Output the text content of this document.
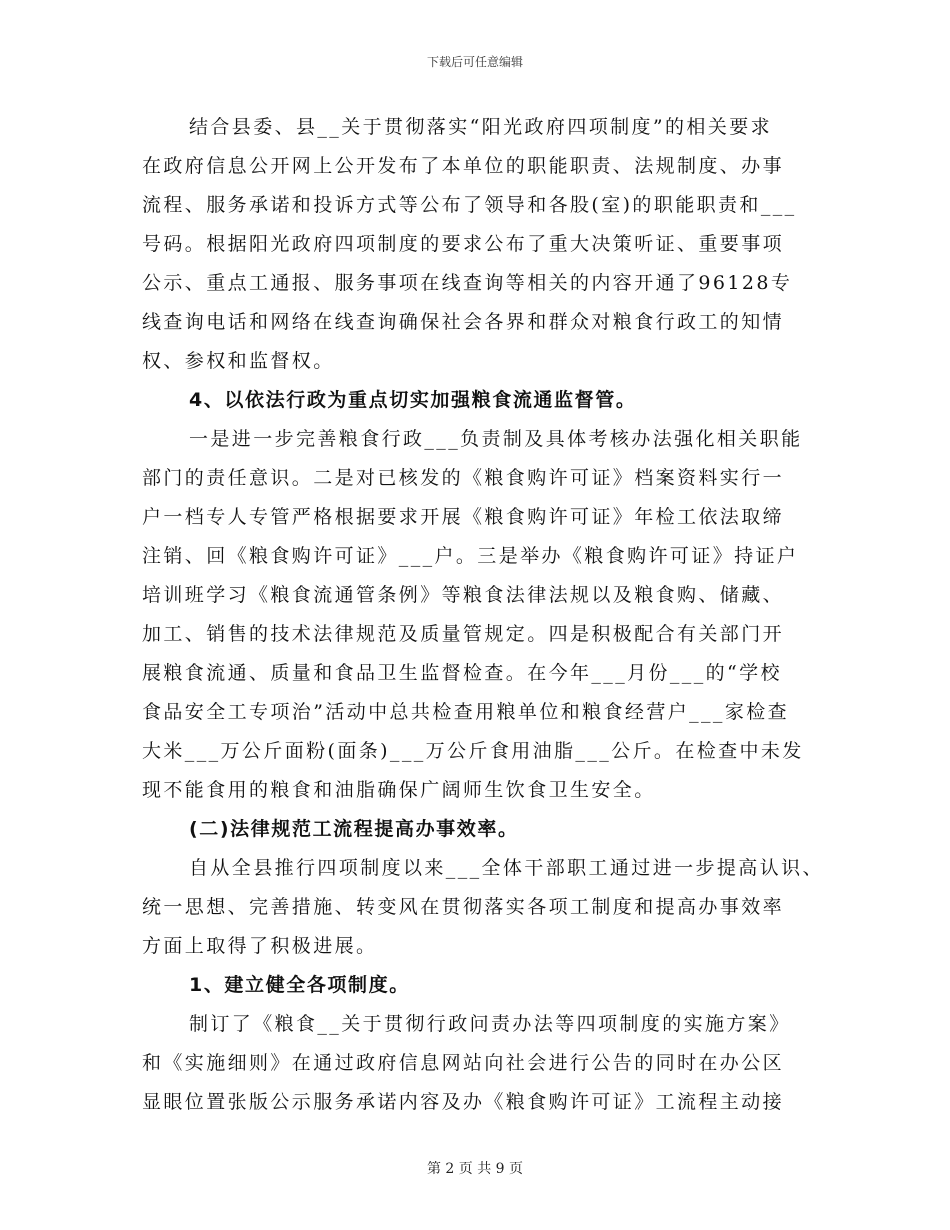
下载后可任意编辑
结合县委、县__关于贯彻落实“阳光政府四项制度”的相关要求
在政府信息公开网上公开发布了本单位的职能职责、法规制度、办事
流程、服务承诺和投诉方式等公布了领导和各股(室)的职能职责和___
号码。根据阳光政府四项制度的要求公布了重大决策听证、重要事项
公示、重点工通报、服务事项在线查询等相关的内容开通了96128专
线查询电话和网络在线查询确保社会各界和群众对粮食行政工的知情
权、参权和监督权。
4、以依法行政为重点切实加强粮食流通监督管。
一是进一步完善粮食行政___负责制及具体考核办法强化相关职能
部门的责任意识。二是对已核发的《粮食购许可证》档案资料实行一
户一档专人专管严格根据要求开展《粮食购许可证》年检工依法取缔
注销、回《粮食购许可证》___户。三是举办《粮食购许可证》持证户
培训班学习《粮食流通管条例》等粮食法律法规以及粮食购、储藏、
加工、销售的技术法律规范及质量管规定。四是积极配合有关部门开
展粮食流通、质量和食品卫生监督检查。在今年___月份___的“学校
食品安全工专项治”活动中总共检查用粮单位和粮食经营户___家检查
大米___万公斤面粉(面条)___万公斤食用油脂___公斤。在检查中未发
现不能食用的粮食和油脂确保广阔师生饮食卫生安全。
(二)法律规范工流程提高办事效率。
自从全县推行四项制度以来___全体干部职工通过进一步提高认识、
统一思想、完善措施、转变风在贯彻落实各项工制度和提高办事效率
方面上取得了积极进展。
1、建立健全各项制度。
制订了《粮食__关于贯彻行政问责办法等四项制度的实施方案》
和《实施细则》在通过政府信息网站向社会进行公告的同时在办公区
显眼位置张版公示服务承诺内容及办《粮食购许可证》工流程主动接
第 2 页 共 9 页
